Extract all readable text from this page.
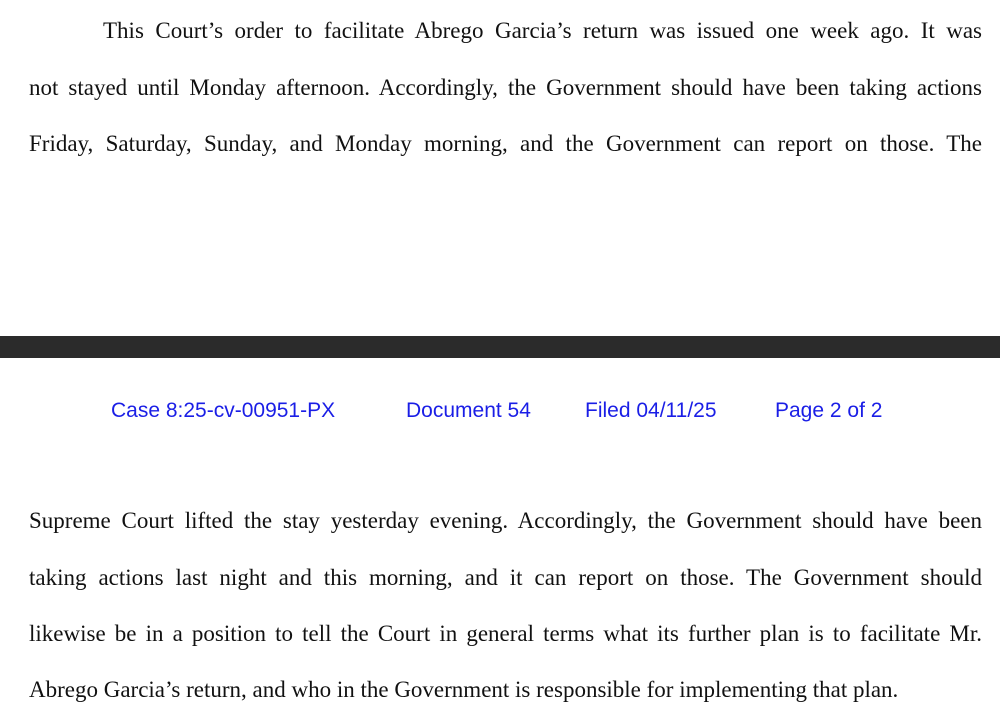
This Court’s order to facilitate Abrego Garcia’s return was issued one week ago. It was

not stayed until Monday afternoon. Accordingly, the Government should have been taking actions

Friday, Saturday, Sunday, and Monday morning, and the Government can report on those. The

Case 8:25-cv-00951-PX	Document 54	Filed 04/11/25	Page 2 of 2

Supreme Court lifted the stay yesterday evening. Accordingly, the Government should have been

taking actions last night and this morning, and it can report on those. The Government should

likewise be in a position to tell the Court in general terms what its further plan is to facilitate Mr.

Abrego Garcia’s return, and who in the Government is responsible for implementing that plan.
